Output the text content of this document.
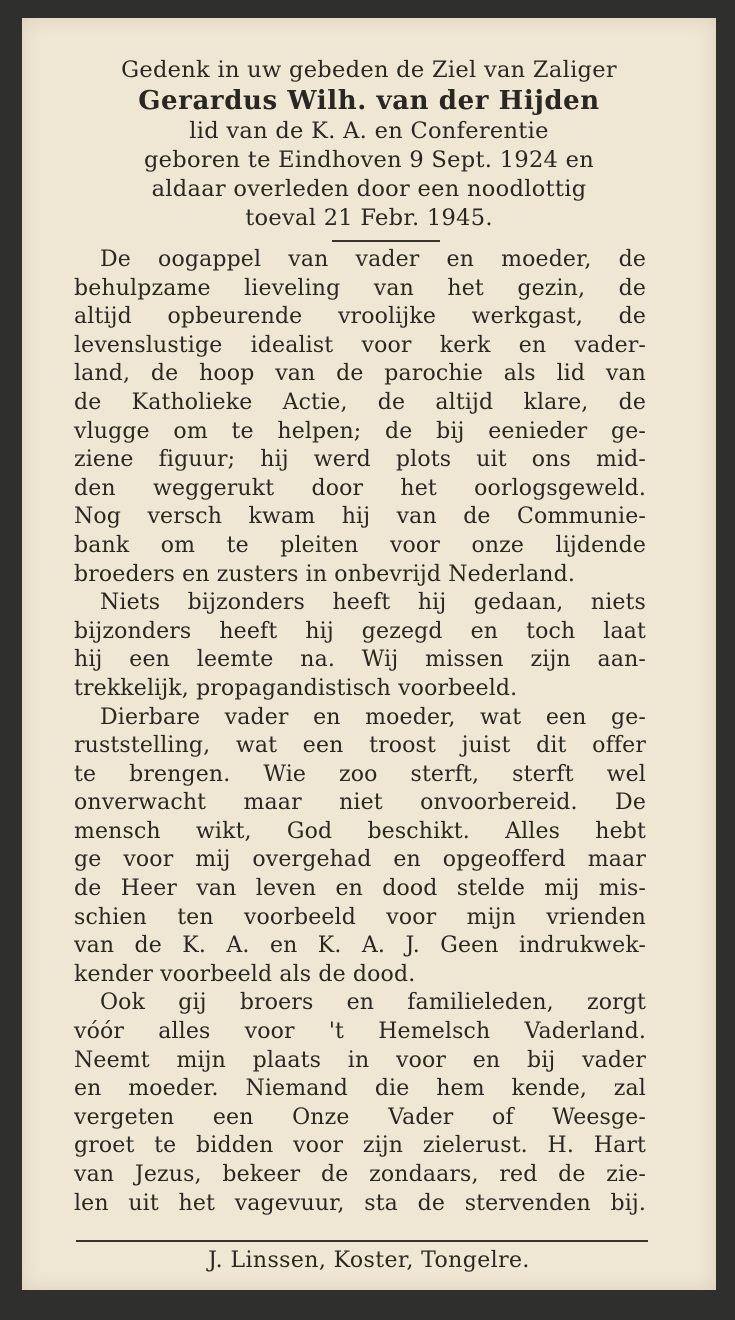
Gedenk in uw gebeden de Ziel van Zaliger
Gerardus Wilh. van der Hijden
lid van de K. A. en Conferentie
geboren te Eindhoven 9 Sept. 1924 en
aldaar overleden door een noodlottig
toeval 21 Febr. 1945.
De oogappel van vader en moeder, de
behulpzame lieveling van het gezin, de
altijd opbeurende vroolijke werkgast, de
levenslustige idealist voor kerk en vader-
land, de hoop van de parochie als lid van
de Katholieke Actie, de altijd klare, de
vlugge om te helpen; de bij eenieder ge-
ziene figuur; hij werd plots uit ons mid-
den weggerukt door het oorlogsgeweld.
Nog versch kwam hij van de Communie-
bank om te pleiten voor onze lijdende
broeders en zusters in onbevrijd Nederland.
Niets bijzonders heeft hij gedaan, niets
bijzonders heeft hij gezegd en toch laat
hij een leemte na. Wij missen zijn aan-
trekkelijk, propagandistisch voorbeeld.
Dierbare vader en moeder, wat een ge-
ruststelling, wat een troost juist dit offer
te brengen. Wie zoo sterft, sterft wel
onverwacht maar niet onvoorbereid. De
mensch wikt, God beschikt. Alles hebt
ge voor mij overgehad en opgeofferd maar
de Heer van leven en dood stelde mij mis-
schien ten voorbeeld voor mijn vrienden
van de K. A. en K. A. J. Geen indrukwek-
kender voorbeeld als de dood.
Ook gij broers en familieleden, zorgt
vóór alles voor 't Hemelsch Vaderland.
Neemt mijn plaats in voor en bij vader
en moeder. Niemand die hem kende, zal
vergeten een Onze Vader of Weesge-
groet te bidden voor zijn zielerust. H. Hart
van Jezus, bekeer de zondaars, red de zie-
len uit het vagevuur, sta de stervenden bij.
J. Linssen, Koster, Tongelre.
